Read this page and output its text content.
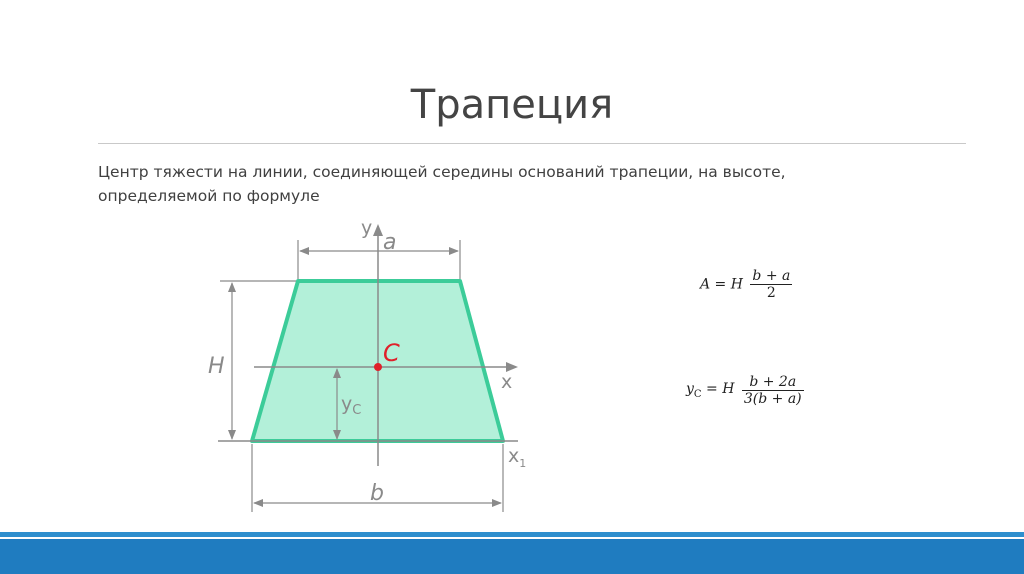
Трапеция
Центр тяжести на линии, соединяющей середины оснований трапеции, на высоте, определяемой по формуле
y
a
H	C
x
$y_C$
$x_1$
b
A = H $\frac{b + a}{2}$
$y_C = H \frac{b + 2a}{3(b + a)}$
